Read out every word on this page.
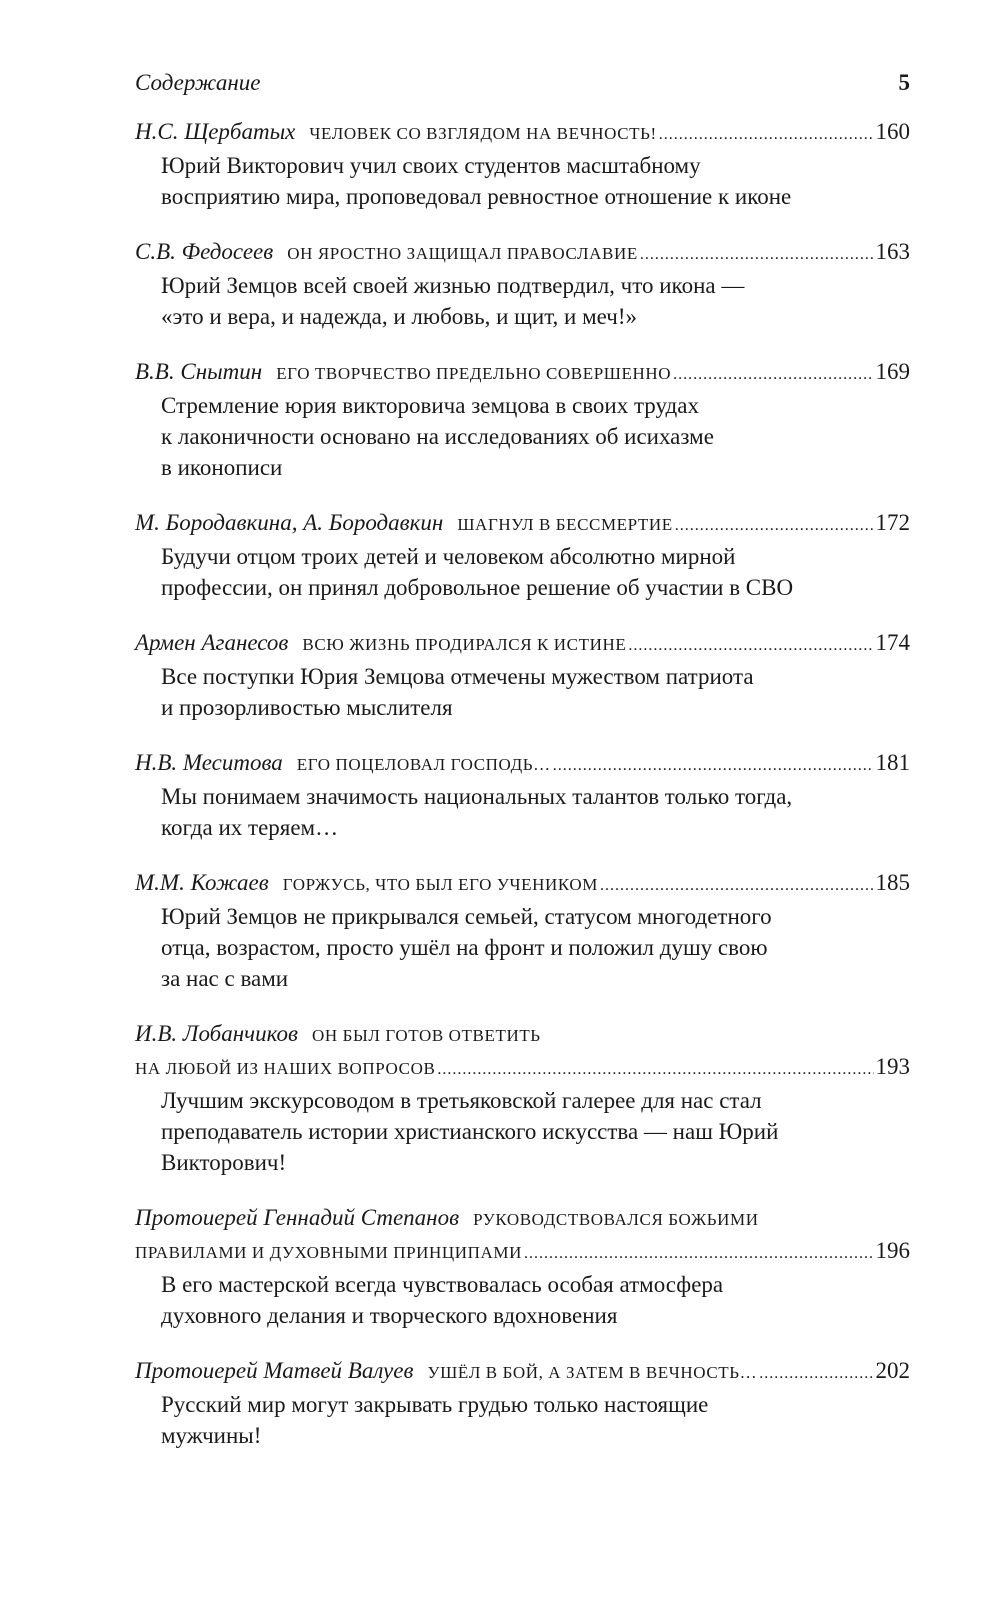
Содержание	5
Н.С. Щербатых ЧЕЛОВЕК СО ВЗГЛЯДОМ НА ВЕЧНОСТЬ! .....	160
Юрий Викторович учил своих студентов масштабному
восприятию мира, проповедовал ревностное отношение к иконе
С.В. Федосеев ОН ЯРОСТНО ЗАЩИЩАЛ ПРАВОСЛАВИЕ .....	163
Юрий Земцов всей своей жизнью подтвердил, что икона —
«это и вера, и надежда, и любовь, и щит, и меч!»
В.В. Снытин ЕГО ТВОРЧЕСТВО ПРЕДЕЛЬНО СОВЕРШЕННО .....	169
Стремление юрия викторовича земцова в своих трудах
к лаконичности основано на исследованиях об исихазме
в иконописи
М. Бородавкина, А. Бородавкин ШАГНУЛ В БЕССМЕРТИЕ .....	172
Будучи отцом троих детей и человеком абсолютно мирной
профессии, он принял добровольное решение об участии в СВО
Армен Аганесов ВСЮ ЖИЗНЬ ПРОДИРАЛСЯ К ИСТИНЕ .....	174
Все поступки Юрия Земцова отмечены мужеством патриота
и прозорливостью мыслителя
Н.В. Меситова ЕГО ПОЦЕЛОВАЛ ГОСПОДЬ… .....	181
Мы понимаем значимость национальных талантов только тогда,
когда их теряем…
М.М. Кожаев ГОРЖУСЬ, ЧТО БЫЛ ЕГО УЧЕНИКОМ .....	185
Юрий Земцов не прикрывался семьей, статусом многодетного
отца, возрастом, просто ушёл на фронт и положил душу свою
за нас с вами
И.В. Лобанчиков ОН БЫЛ ГОТОВ ОТВЕТИТЬ
НА ЛЮБОЙ ИЗ НАШИХ ВОПРОСОВ .....	193
Лучшим экскурсоводом в третьяковской галерее для нас стал
преподаватель истории христианского искусства — наш Юрий
Викторович!
Протоиерей Геннадий Степанов РУКОВОДСТВОВАЛСЯ БОЖЬИМИ
ПРАВИЛАМИ И ДУХОВНЫМИ ПРИНЦИПАМИ .....	196
В его мастерской всегда чувствовалась особая атмосфера
духовного делания и творческого вдохновения
Протоиерей Матвей Валуев УШЁЛ В БОЙ, А ЗАТЕМ В ВЕЧНОСТЬ… .....	202
Русский мир могут закрывать грудью только настоящие
мужчины!
